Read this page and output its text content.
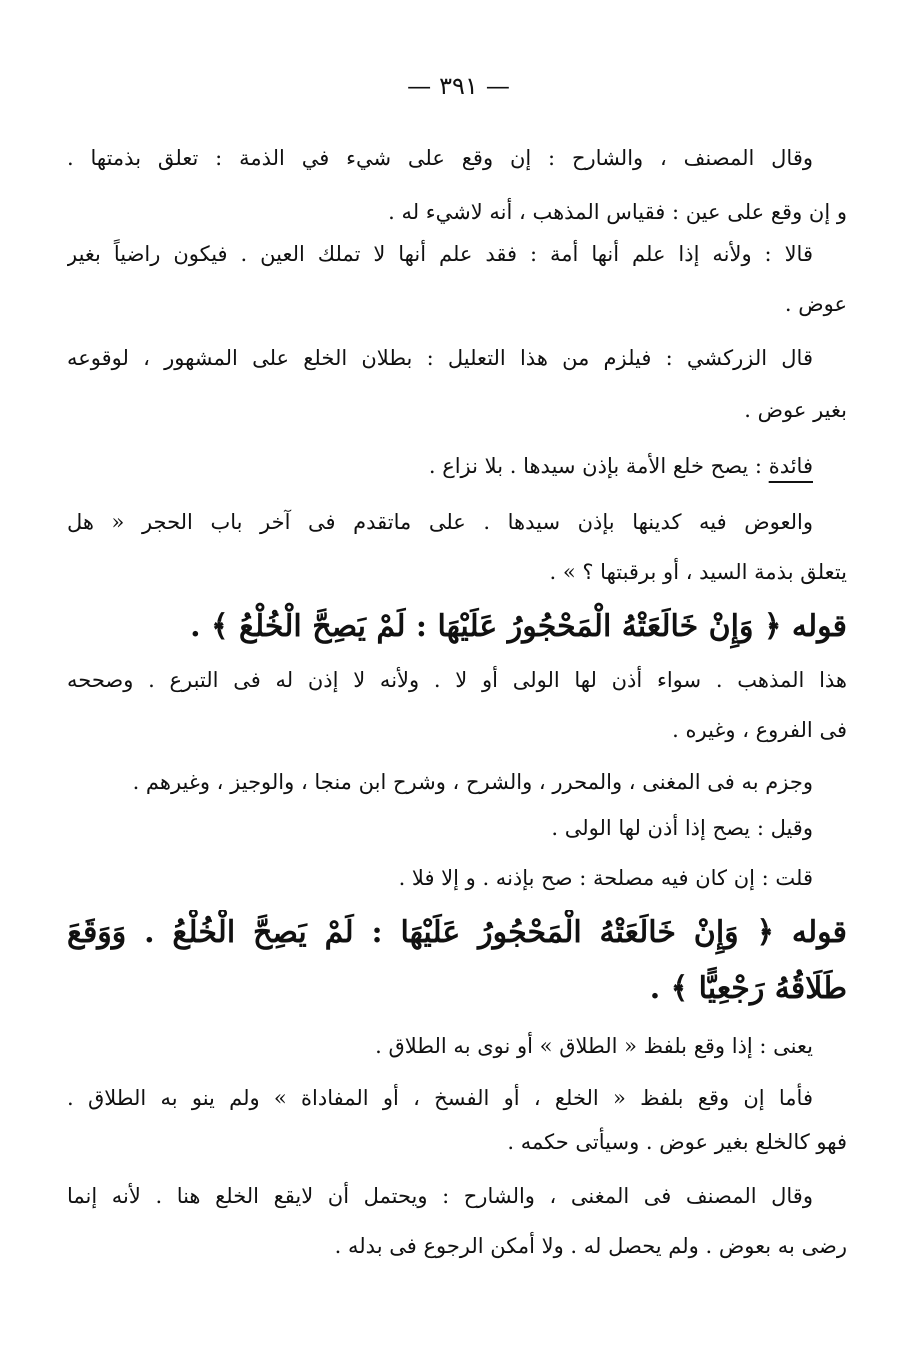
—٣٩١—
وقال المصنف ، والشارح : إن وقع على شيء في الذمة : تعلق بذمتها .
و إن وقع على عين : فقياس المذهب ، أنه لاشيء له .
قالا : ولأنه إذا علم أنها أمة : فقد علم أنها لا تملك العين . فيكون راضياً بغير
عوض .
قال الزركشي : فيلزم من هذا التعليل : بطلان الخلع على المشهور ، لوقوعه
بغير عوض .
فائدة : يصح خلع الأمة بإذن سيدها . بلا نزاع .
والعوض فيه كدينها بإذن سيدها . على ماتقدم فى آخر باب الحجر « هل
يتعلق بذمة السيد ، أو برقبتها ؟ » .
قوله ﴿ وَإِنْ خَالَعَتْهُ الْمَحْجُورُ عَلَيْهَا : لَمْ يَصِحَّ الْخُلْعُ ﴾ .
هذا المذهب . سواء أذن لها الولى أو لا . ولأنه لا إذن له فى التبرع . وصححه
فى الفروع ، وغيره .
وجزم به فى المغنى ، والمحرر ، والشرح ، وشرح ابن منجا ، والوجيز ، وغيرهم .
وقيل : يصح إذا أذن لها الولى .
قلت : إن كان فيه مصلحة : صح بإذنه . و إلا فلا .
قوله ﴿ وَإِنْ خَالَعَتْهُ الْمَحْجُورُ عَلَيْهَا : لَمْ يَصِحَّ الْخُلْعُ . وَوَقَعَ
طَلَاقُهُ رَجْعِيًّا ﴾ .
يعنى : إذا وقع بلفظ « الطلاق » أو نوى به الطلاق .
فأما إن وقع بلفظ « الخلع ، أو الفسخ ، أو المفاداة » ولم ينو به الطلاق .
فهو كالخلع بغير عوض . وسيأتى حكمه .
وقال المصنف فى المغنى ، والشارح : ويحتمل أن لايقع الخلع هنا . لأنه إنما
رضى به بعوض . ولم يحصل له . ولا أمكن الرجوع فى بدله .
